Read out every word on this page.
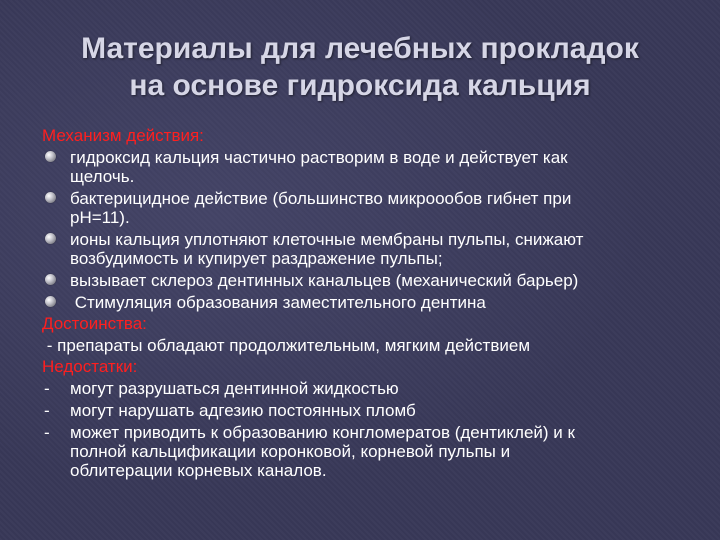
Материалы для лечебных прокладок
на основе гидроксида кальция
Механизм действия:
гидроксид кальция частично растворим в воде и действует как
щелочь.
бактерицидное действие (большинство микроообов гибнет при
рН=11).
ионы кальция уплотняют клеточные мембраны пульпы, снижают
возбудимость и купирует раздражение пульпы;
вызывает склероз дентинных канальцев (механический барьер)
Стимуляция образования заместительного дентина
Достоинства:
- препараты обладают продолжительным, мягким действием
Недостатки:
- могут разрушаться дентинной жидкостью
- могут нарушать адгезию постоянных пломб
- может приводить к образованию конгломератов (дентиклей) и к
полной кальцификации коронковой, корневой пульпы и
облитерации корневых каналов.
